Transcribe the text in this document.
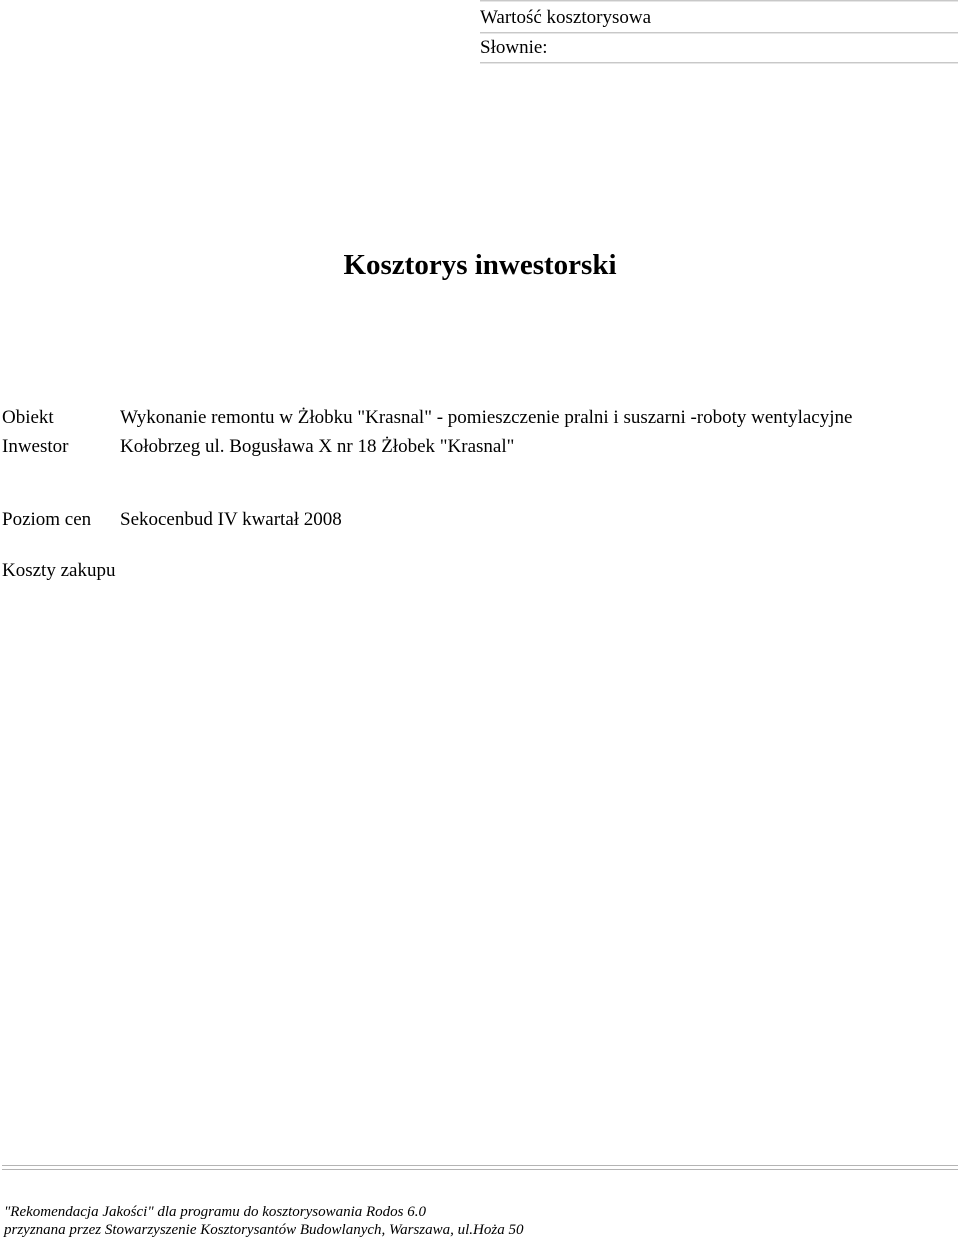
Wartość kosztorysowa
Słownie:
Kosztorys inwestorski
Obiekt	Wykonanie remontu w Żłobku "Krasnal" - pomieszczenie pralni i suszarni -roboty wentylacyjne
Inwestor	Kołobrzeg ul. Bogusława X nr 18 Żłobek "Krasnal"
Poziom cen Sekocenbud IV kwartał 2008
Koszty zakupu
"Rekomendacja Jakości" dla programu do kosztorysowania Rodos 6.0
przyznana przez Stowarzyszenie Kosztorysantów Budowlanych, Warszawa, ul.Hoża 50
